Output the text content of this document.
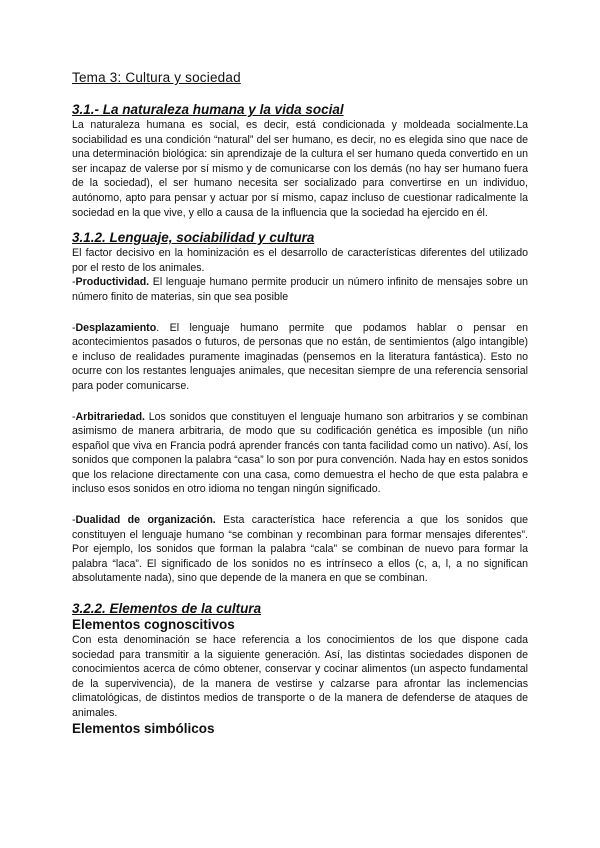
Tema 3: Cultura y sociedad
3.1.- La naturaleza humana y la vida social

La naturaleza humana es social, es decir, está condicionada y moldeada socialmente.La sociabilidad es una condición “natural” del ser humano, es decir, no es elegida sino que nace de una determinación biológica: sin aprendizaje de la cultura el ser humano queda convertido en un ser incapaz de valerse por sí mismo y de comunicarse con los demás (no hay ser humano fuera de la sociedad), el ser humano necesita ser socializado para convertirse en un individuo, autónomo, apto para pensar y actuar por sí mismo, capaz incluso de cuestionar radicalmente la sociedad en la que vive, y ello a causa de la influencia que la sociedad ha ejercido en él.

3.1.2. Lenguaje, sociabilidad y cultura

El factor decisivo en la hominización es el desarrollo de características diferentes del utilizado por el resto de los animales.

-Productividad. El lenguaje humano permite producir un número infinito de mensajes sobre un número finito de materias, sin que sea posible

-Desplazamiento. El lenguaje humano permite que podamos hablar o pensar en acontecimientos pasados o futuros, de personas que no están, de sentimientos (algo intangible) e incluso de realidades puramente imaginadas (pensemos en la literatura fantástica). Esto no ocurre con los restantes lenguajes animales, que necesitan siempre de una referencia sensorial para poder comunicarse.

-Arbitrariedad. Los sonidos que constituyen el lenguaje humano son arbitrarios y se combinan asimismo de manera arbitraria, de modo que su codificación genética es imposible (un niño español que viva en Francia podrá aprender francés con tanta facilidad como un nativo). Así, los sonidos que componen la palabra “casa” lo son por pura convención. Nada hay en estos sonidos que los relacione directamente con una casa, como demuestra el hecho de que esta palabra e incluso esos sonidos en otro idioma no tengan ningún significado.

-Dualidad de organización. Esta característica hace referencia a que los sonidos que constituyen el lenguaje humano “se combinan y recombinan para formar mensajes diferentes”. Por ejemplo, los sonidos que forman la palabra “cala” se combinan de nuevo para formar la palabra “laca”. El significado de los sonidos no es intrínseco a ellos (c, a, l, a no significan absolutamente nada), sino que depende de la manera en que se combinan.

3.2.2. Elementos de la cultura
Elementos cognoscitivos

Con esta denominación se hace referencia a los conocimientos de los que dispone cada sociedad para transmitir a la siguiente generación. Así, las distintas sociedades disponen de conocimientos acerca de cómo obtener, conservar y cocinar alimentos (un aspecto fundamental de la supervivencia), de la manera de vestirse y calzarse para afrontar las inclemencias climatológicas, de distintos medios de transporte o de la manera de defenderse de ataques de animales.

Elementos simbólicos
